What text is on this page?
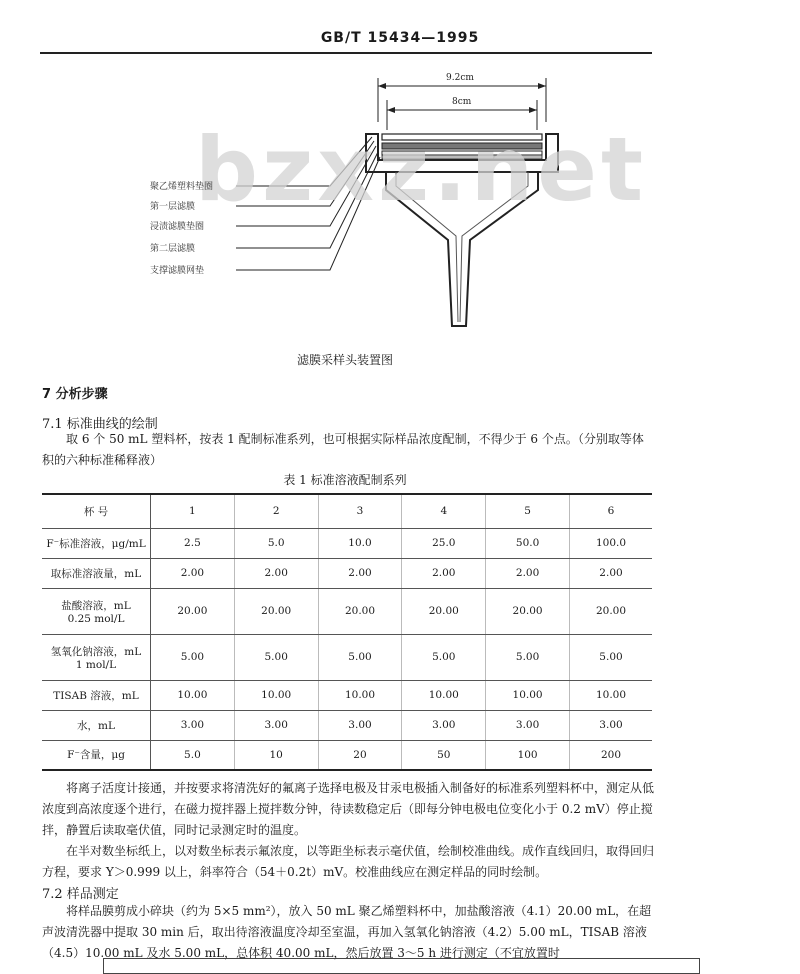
GB/T 15434—1995
bzxz.net
9.2cm
8cm
聚乙烯塑料垫圈
第一层滤膜
浸渍滤膜垫圈
第二层滤膜
支撑滤膜网垫
滤膜采样头装置图
7 分析步骤
7.1 标准曲线的绘制
取 6 个 50 mL 塑料杯，按表 1 配制标准系列，也可根据实际样品浓度配制，不得少于 6 个点。（分别取等体积的六种标准稀释液）
表 1 标准溶液配制系列
杯 号	1	2	3	4	5	6
F⁻标准溶液，μg/mL	2.5	5.0	10.0	25.0	50.0	100.0
取标准溶液量，mL	2.00	2.00	2.00	2.00	2.00	2.00
盐酸溶液，mL
0.25 mol/L	20.00	20.00	20.00	20.00	20.00	20.00
氢氧化钠溶液，mL
1 mol/L	5.00	5.00	5.00	5.00	5.00	5.00
TISAB 溶液，mL	10.00	10.00	10.00	10.00	10.00	10.00
水，mL	3.00	3.00	3.00	3.00	3.00	3.00
F⁻含量，μg	5.0	10	20	50	100	200
将离子活度计接通，并按要求将清洗好的氟离子选择电极及甘汞电极插入制备好的标准系列塑料杯中，测定从低浓度到高浓度逐个进行，在磁力搅拌器上搅拌数分钟，待读数稳定后（即每分钟电极电位变化小于 0.2 mV）停止搅拌，静置后读取毫伏值，同时记录测定时的温度。
在半对数坐标纸上，以对数坐标表示氟浓度，以等距坐标表示毫伏值，绘制校准曲线。成作直线回归，取得回归方程，要求 Y＞0.999 以上，斜率符合（54＋0.2t）mV。校准曲线应在测定样品的同时绘制。
7.2 样品测定
将样品膜剪成小碎块（约为 5×5 mm²），放入 50 mL 聚乙烯塑料杯中，加盐酸溶液（4.1）20.00 mL，在超声波清洗器中提取 30 min 后，取出待溶液温度冷却至室温，再加入氢氧化钠溶液（4.2）5.00 mL，TISAB 溶液（4.5）10.00 mL 及水 5.00 mL，总体积 40.00 mL，然后放置 3～5 h 进行测定（不宜放置时
